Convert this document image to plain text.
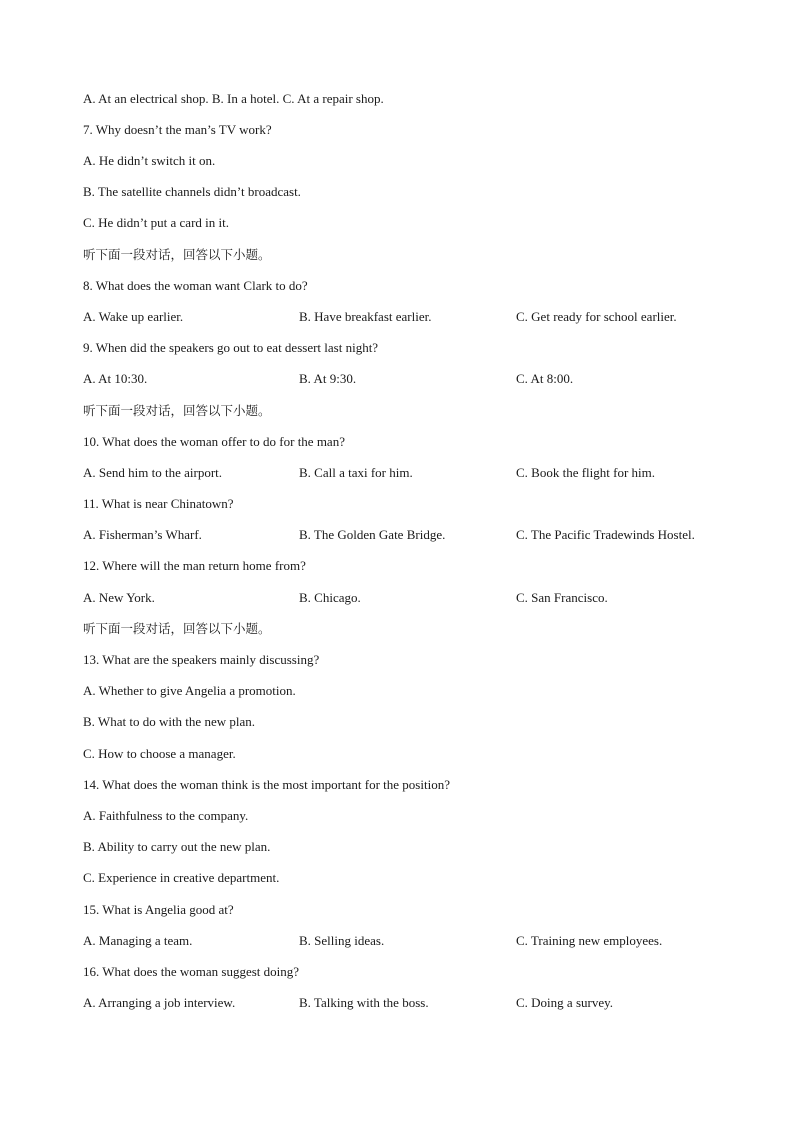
A. At an electrical shop. B. In a hotel. C. At a repair shop.
7. Why doesn’t the man’s TV work?
A. He didn’t switch it on.
B. The satellite channels didn’t broadcast.
C. He didn’t put a card in it.
听下面一段对话，回答以下小题。
8. What does the woman want Clark to do?
A. Wake up earlier.	B. Have breakfast earlier.	C. Get ready for school earlier.
9. When did the speakers go out to eat dessert last night?
A. At 10:30.	B. At 9:30.	C. At 8:00.
听下面一段对话，回答以下小题。
10. What does the woman offer to do for the man?
A. Send him to the airport.	B. Call a taxi for him.	C. Book the flight for him.
11. What is near Chinatown?
A. Fisherman’s Wharf.	B. The Golden Gate Bridge.	C. The Pacific Tradewinds Hostel.
12. Where will the man return home from?
A. New York.	B. Chicago.	C. San Francisco.
听下面一段对话，回答以下小题。
13. What are the speakers mainly discussing?
A. Whether to give Angelia a promotion.
B. What to do with the new plan.
C. How to choose a manager.
14. What does the woman think is the most important for the position?
A. Faithfulness to the company.
B. Ability to carry out the new plan.
C. Experience in creative department.
15. What is Angelia good at?
A. Managing a team.	B. Selling ideas.	C. Training new employees.
16. What does the woman suggest doing?
A. Arranging a job interview.	B. Talking with the boss.	C. Doing a survey.
